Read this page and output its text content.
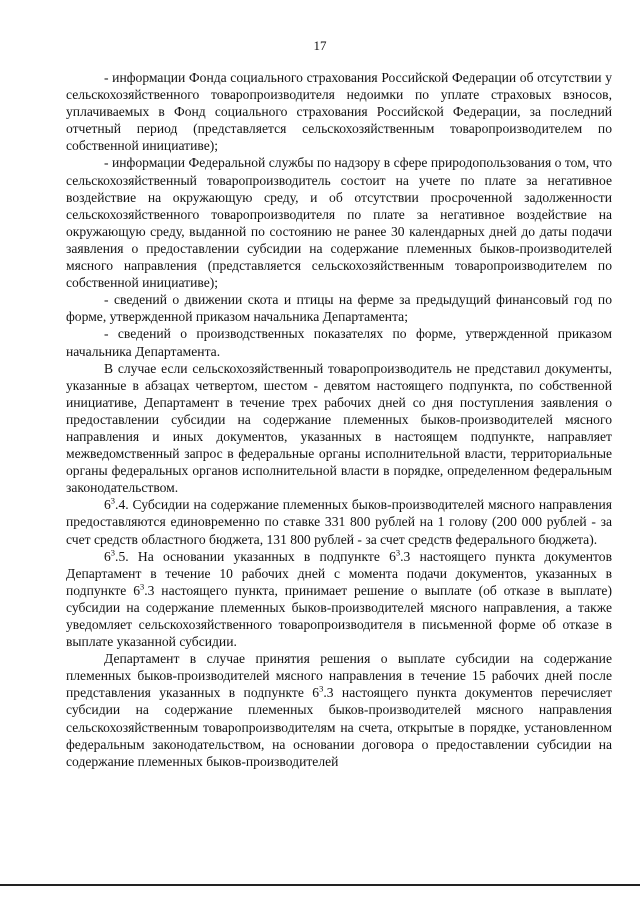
17

- информации Фонда социального страхования Российской Федерации об отсутствии у сельскохозяйственного товаропроизводителя недоимки по уплате страховых взносов, уплачиваемых в Фонд социального страхования Российской Федерации, за последний отчетный период (представляется сельскохозяйственным товаропроизводителем по собственной инициативе);

- информации Федеральной службы по надзору в сфере природопользования о том, что сельскохозяйственный товаропроизводитель состоит на учете по плате за негативное воздействие на окружающую среду, и об отсутствии просроченной задолженности сельскохозяйственного товаропроизводителя по плате за негативное воздействие на окружающую среду, выданной по состоянию не ранее 30 календарных дней до даты подачи заявления о предоставлении субсидии на содержание племенных быков-производителей мясного направления (представляется сельскохозяйственным товаропроизводителем по собственной инициативе);

- сведений о движении скота и птицы на ферме за предыдущий финансовый год по форме, утвержденной приказом начальника Департамента;

- сведений о производственных показателях по форме, утвержденной приказом начальника Департамента.

В случае если сельскохозяйственный товаропроизводитель не представил документы, указанные в абзацах четвертом, шестом - девятом настоящего подпункта, по собственной инициативе, Департамент в течение трех рабочих дней со дня поступления заявления о предоставлении субсидии на содержание племенных быков-производителей мясного направления и иных документов, указанных в настоящем подпункте, направляет межведомственный запрос в федеральные органы исполнительной власти, территориальные органы федеральных органов исполнительной власти в порядке, определенном федеральным законодательством.

$6^3.4$. Субсидии на содержание племенных быков-производителей мясного направления предоставляются единовременно по ставке 331 800 рублей на 1 голову (200 000 рублей - за счет средств областного бюджета, 131 800 рублей - за счет средств федерального бюджета).

$6^3.5$. На основании указанных в подпункте $6^3.3$ настоящего пункта документов Департамент в течение 10 рабочих дней с момента подачи документов, указанных в подпункте $6^3.3$ настоящего пункта, принимает решение о выплате (об отказе в выплате) субсидии на содержание племенных быков-производителей мясного направления, а также уведомляет сельскохозяйственного товаропроизводителя в письменной форме об отказе в выплате указанной субсидии.

Департамент в случае принятия решения о выплате субсидии на содержание племенных быков-производителей мясного направления в течение 15 рабочих дней после представления указанных в подпункте $6^3.3$ настоящего пункта документов перечисляет субсидии на содержание племенных быков-производителей мясного направления сельскохозяйственным товаропроизводителям на счета, открытые в порядке, установленном федеральным законодательством, на основании договора о предоставлении субсидии на содержание племенных быков-производителей
